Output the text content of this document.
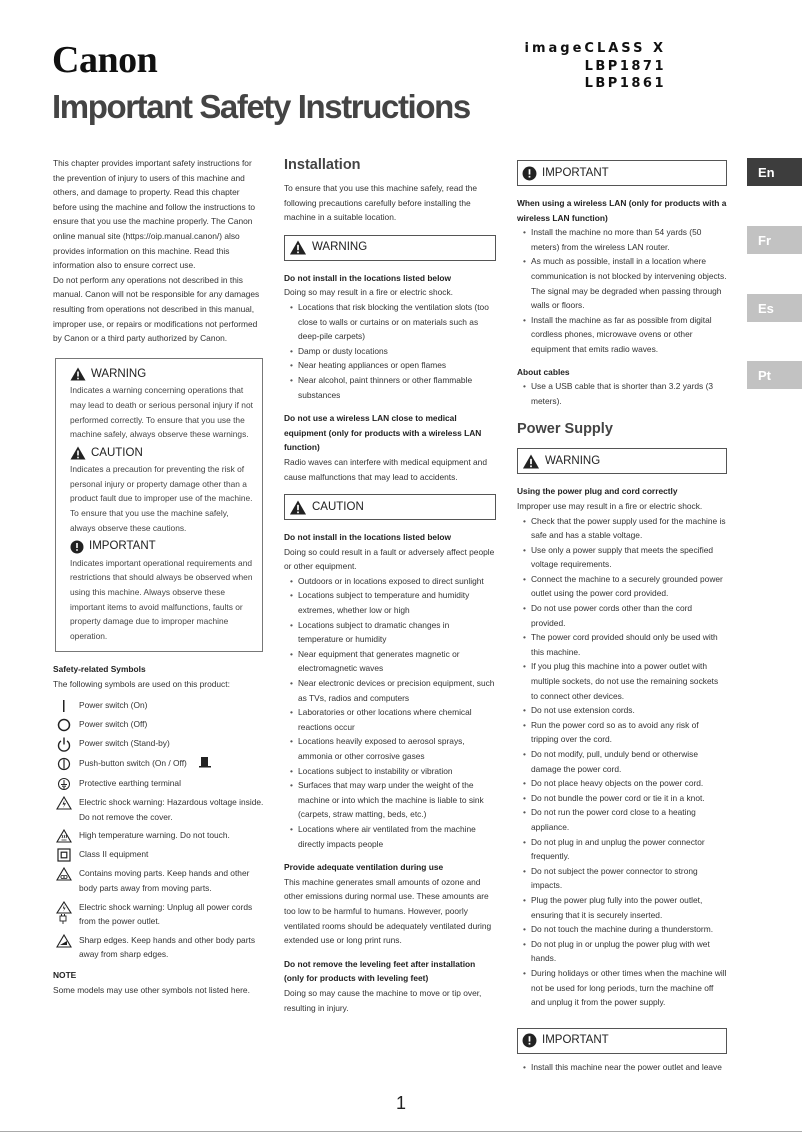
Canon	imageCLASS X
LBP1871
LBP1861
Important Safety Instructions
En
Fr
Es
Pt

This chapter provides important safety instructions for the prevention of injury to users of this machine and others, and damage to property. Read this chapter before using the machine and follow the instructions to ensure that you use the machine properly. The Canon online manual site (https://oip.manual.canon/) also provides information on this machine. Read this information also to ensure correct use.

Do not perform any operations not described in this manual. Canon will not be responsible for any damages resulting from operations not described in this manual, improper use, or repairs or modifications not performed by Canon or a third party authorized by Canon.

WARNING

Indicates a warning concerning operations that may lead to death or serious personal injury if not performed correctly. To ensure that you use the machine safely, always observe these warnings.

CAUTION

Indicates a precaution for preventing the risk of personal injury or property damage other than a product fault due to improper use of the machine. To ensure that you use the machine safely, always observe these cautions.

IMPORTANT

Indicates important operational requirements and restrictions that should always be observed when using this machine. Always observe these important items to avoid malfunctions, faults or property damage due to improper machine operation.

Safety-related Symbols

The following symbols are used on this product:

Power switch (On)
Power switch (Off)
Power switch (Stand-by)
Push-button switch (On / Off)
Protective earthing terminal
Electric shock warning: Hazardous voltage inside. Do not remove the cover.
High temperature warning. Do not touch.
Class II equipment
Contains moving parts. Keep hands and other body parts away from moving parts.
Electric shock warning: Unplug all power cords from the power outlet.
Sharp edges. Keep hands and other body parts away from sharp edges.

NOTE

Some models may use other symbols not listed here.

Installation

To ensure that you use this machine safely, read the following precautions carefully before installing the machine in a suitable location.

WARNING

Do not install in the locations listed below

Doing so may result in a fire or electric shock.

• Locations that risk blocking the ventilation slots (too close to walls or curtains or on materials such as deep-pile carpets)
• Damp or dusty locations
• Near heating appliances or open flames
• Near alcohol, paint thinners or other flammable substances

Do not use a wireless LAN close to medical equipment (only for products with a wireless LAN function)

Radio waves can interfere with medical equipment and cause malfunctions that may lead to accidents.

CAUTION

Do not install in the locations listed below

Doing so could result in a fault or adversely affect people or other equipment.

• Outdoors or in locations exposed to direct sunlight
• Locations subject to temperature and humidity extremes, whether low or high
• Locations subject to dramatic changes in temperature or humidity
• Near equipment that generates magnetic or electromagnetic waves
• Near electronic devices or precision equipment, such as TVs, radios and computers
• Laboratories or other locations where chemical reactions occur
• Locations heavily exposed to aerosol sprays, ammonia or other corrosive gases
• Locations subject to instability or vibration
• Surfaces that may warp under the weight of the machine or into which the machine is liable to sink (carpets, straw matting, beds, etc.)
• Locations where air ventilated from the machine directly impacts people

Provide adequate ventilation during use

This machine generates small amounts of ozone and other emissions during normal use. These amounts are too low to be harmful to humans. However, poorly ventilated rooms should be adequately ventilated during extended use or long print runs.

Do not remove the leveling feet after installation (only for products with leveling feet)

Doing so may cause the machine to move or tip over, resulting in injury.

IMPORTANT

When using a wireless LAN (only for products with a wireless LAN function)

• Install the machine no more than 54 yards (50 meters) from the wireless LAN router.
• As much as possible, install in a location where communication is not blocked by intervening objects. The signal may be degraded when passing through walls or floors.
• Install the machine as far as possible from digital cordless phones, microwave ovens or other equipment that emits radio waves.

About cables

• Use a USB cable that is shorter than 3.2 yards (3 meters).

Power Supply

WARNING

Using the power plug and cord correctly

Improper use may result in a fire or electric shock.

• Check that the power supply used for the machine is safe and has a stable voltage.
• Use only a power supply that meets the specified voltage requirements.
• Connect the machine to a securely grounded power outlet using the power cord provided.
• Do not use power cords other than the cord provided.
• The power cord provided should only be used with this machine.
• If you plug this machine into a power outlet with multiple sockets, do not use the remaining sockets to connect other devices.
• Do not use extension cords.
• Run the power cord so as to avoid any risk of tripping over the cord.
• Do not modify, pull, unduly bend or otherwise damage the power cord.
• Do not place heavy objects on the power cord.
• Do not bundle the power cord or tie it in a knot.
• Do not run the power cord close to a heating appliance.
• Do not plug in and unplug the power connector frequently.
• Do not subject the power connector to strong impacts.
• Plug the power plug fully into the power outlet, ensuring that it is securely inserted.
• Do not touch the machine during a thunderstorm.
• Do not plug in or unplug the power plug with wet hands.
• During holidays or other times when the machine will not be used for long periods, turn the machine off and unplug it from the power supply.
IMPORTANT
• Install this machine near the power outlet and leave
1
